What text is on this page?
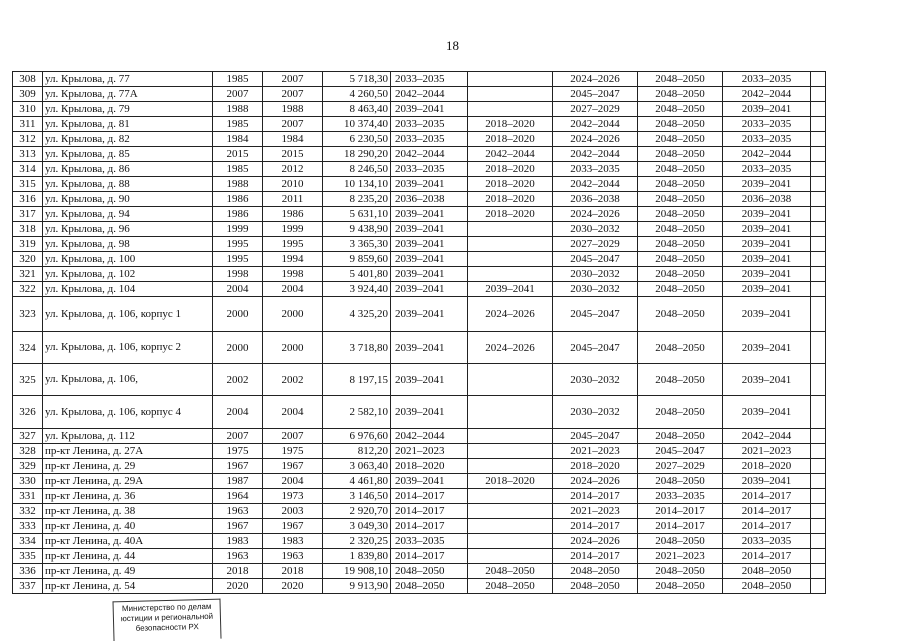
18
308	ул. Крылова, д. 77	1985	2007	5 718,30	2033–2035		2024–2026	2048–2050	2033–2035	
309	ул. Крылова, д. 77А	2007	2007	4 260,50	2042–2044		2045–2047	2048–2050	2042–2044	
310	ул. Крылова, д. 79	1988	1988	8 463,40	2039–2041		2027–2029	2048–2050	2039–2041	
311	ул. Крылова, д. 81	1985	2007	10 374,40	2033–2035	2018–2020	2042–2044	2048–2050	2033–2035	
312	ул. Крылова, д. 82	1984	1984	6 230,50	2033–2035	2018–2020	2024–2026	2048–2050	2033–2035	
313	ул. Крылова, д. 85	2015	2015	18 290,20	2042–2044	2042–2044	2042–2044	2048–2050	2042–2044	
314	ул. Крылова, д. 86	1985	2012	8 246,50	2033–2035	2018–2020	2033–2035	2048–2050	2033–2035	
315	ул. Крылова, д. 88	1988	2010	10 134,10	2039–2041	2018–2020	2042–2044	2048–2050	2039–2041	
316	ул. Крылова, д. 90	1986	2011	8 235,20	2036–2038	2018–2020	2036–2038	2048–2050	2036–2038	
317	ул. Крылова, д. 94	1986	1986	5 631,10	2039–2041	2018–2020	2024–2026	2048–2050	2039–2041	
318	ул. Крылова, д. 96	1999	1999	9 438,90	2039–2041		2030–2032	2048–2050	2039–2041	
319	ул. Крылова, д. 98	1995	1995	3 365,30	2039–2041		2027–2029	2048–2050	2039–2041	
320	ул. Крылова, д. 100	1995	1994	9 859,60	2039–2041		2045–2047	2048–2050	2039–2041	
321	ул. Крылова, д. 102	1998	1998	5 401,80	2039–2041		2030–2032	2048–2050	2039–2041	
322	ул. Крылова, д. 104	2004	2004	3 924,40	2039–2041	2039–2041	2030–2032	2048–2050	2039–2041	
323	ул. Крылова, д. 106, корпус 1	2000	2000	4 325,20	2039–2041	2024–2026	2045–2047	2048–2050	2039–2041	
324	ул. Крылова, д. 106, корпус 2	2000	2000	3 718,80	2039–2041	2024–2026	2045–2047	2048–2050	2039–2041	
325	ул. Крылова, д. 106,	2002	2002	8 197,15	2039–2041		2030–2032	2048–2050	2039–2041	
326	ул. Крылова, д. 106, корпус 4	2004	2004	2 582,10	2039–2041		2030–2032	2048–2050	2039–2041	
327	ул. Крылова, д. 112	2007	2007	6 976,60	2042–2044		2045–2047	2048–2050	2042–2044	
328	пр-кт Ленина, д. 27А	1975	1975	812,20	2021–2023		2021–2023	2045–2047	2021–2023	
329	пр-кт Ленина, д. 29	1967	1967	3 063,40	2018–2020		2018–2020	2027–2029	2018–2020	
330	пр-кт Ленина, д. 29А	1987	2004	4 461,80	2039–2041	2018–2020	2024–2026	2048–2050	2039–2041	
331	пр-кт Ленина, д. 36	1964	1973	3 146,50	2014–2017		2014–2017	2033–2035	2014–2017	
332	пр-кт Ленина, д. 38	1963	2003	2 920,70	2014–2017		2021–2023	2014–2017	2014–2017	
333	пр-кт Ленина, д. 40	1967	1967	3 049,30	2014–2017		2014–2017	2014–2017	2014–2017	
334	пр-кт Ленина, д. 40А	1983	1983	2 320,25	2033–2035		2024–2026	2048–2050	2033–2035	
335	пр-кт Ленина, д. 44	1963	1963	1 839,80	2014–2017		2014–2017	2021–2023	2014–2017	
336	пр-кт Ленина, д. 49	2018	2018	19 908,10	2048–2050	2048–2050	2048–2050	2048–2050	2048–2050	
337	пр-кт Ленина, д. 54	2020	2020	9 913,90	2048–2050	2048–2050	2048–2050	2048–2050	2048–2050	
Министерство по делам
юстиции и региональной
безопасности РХ
